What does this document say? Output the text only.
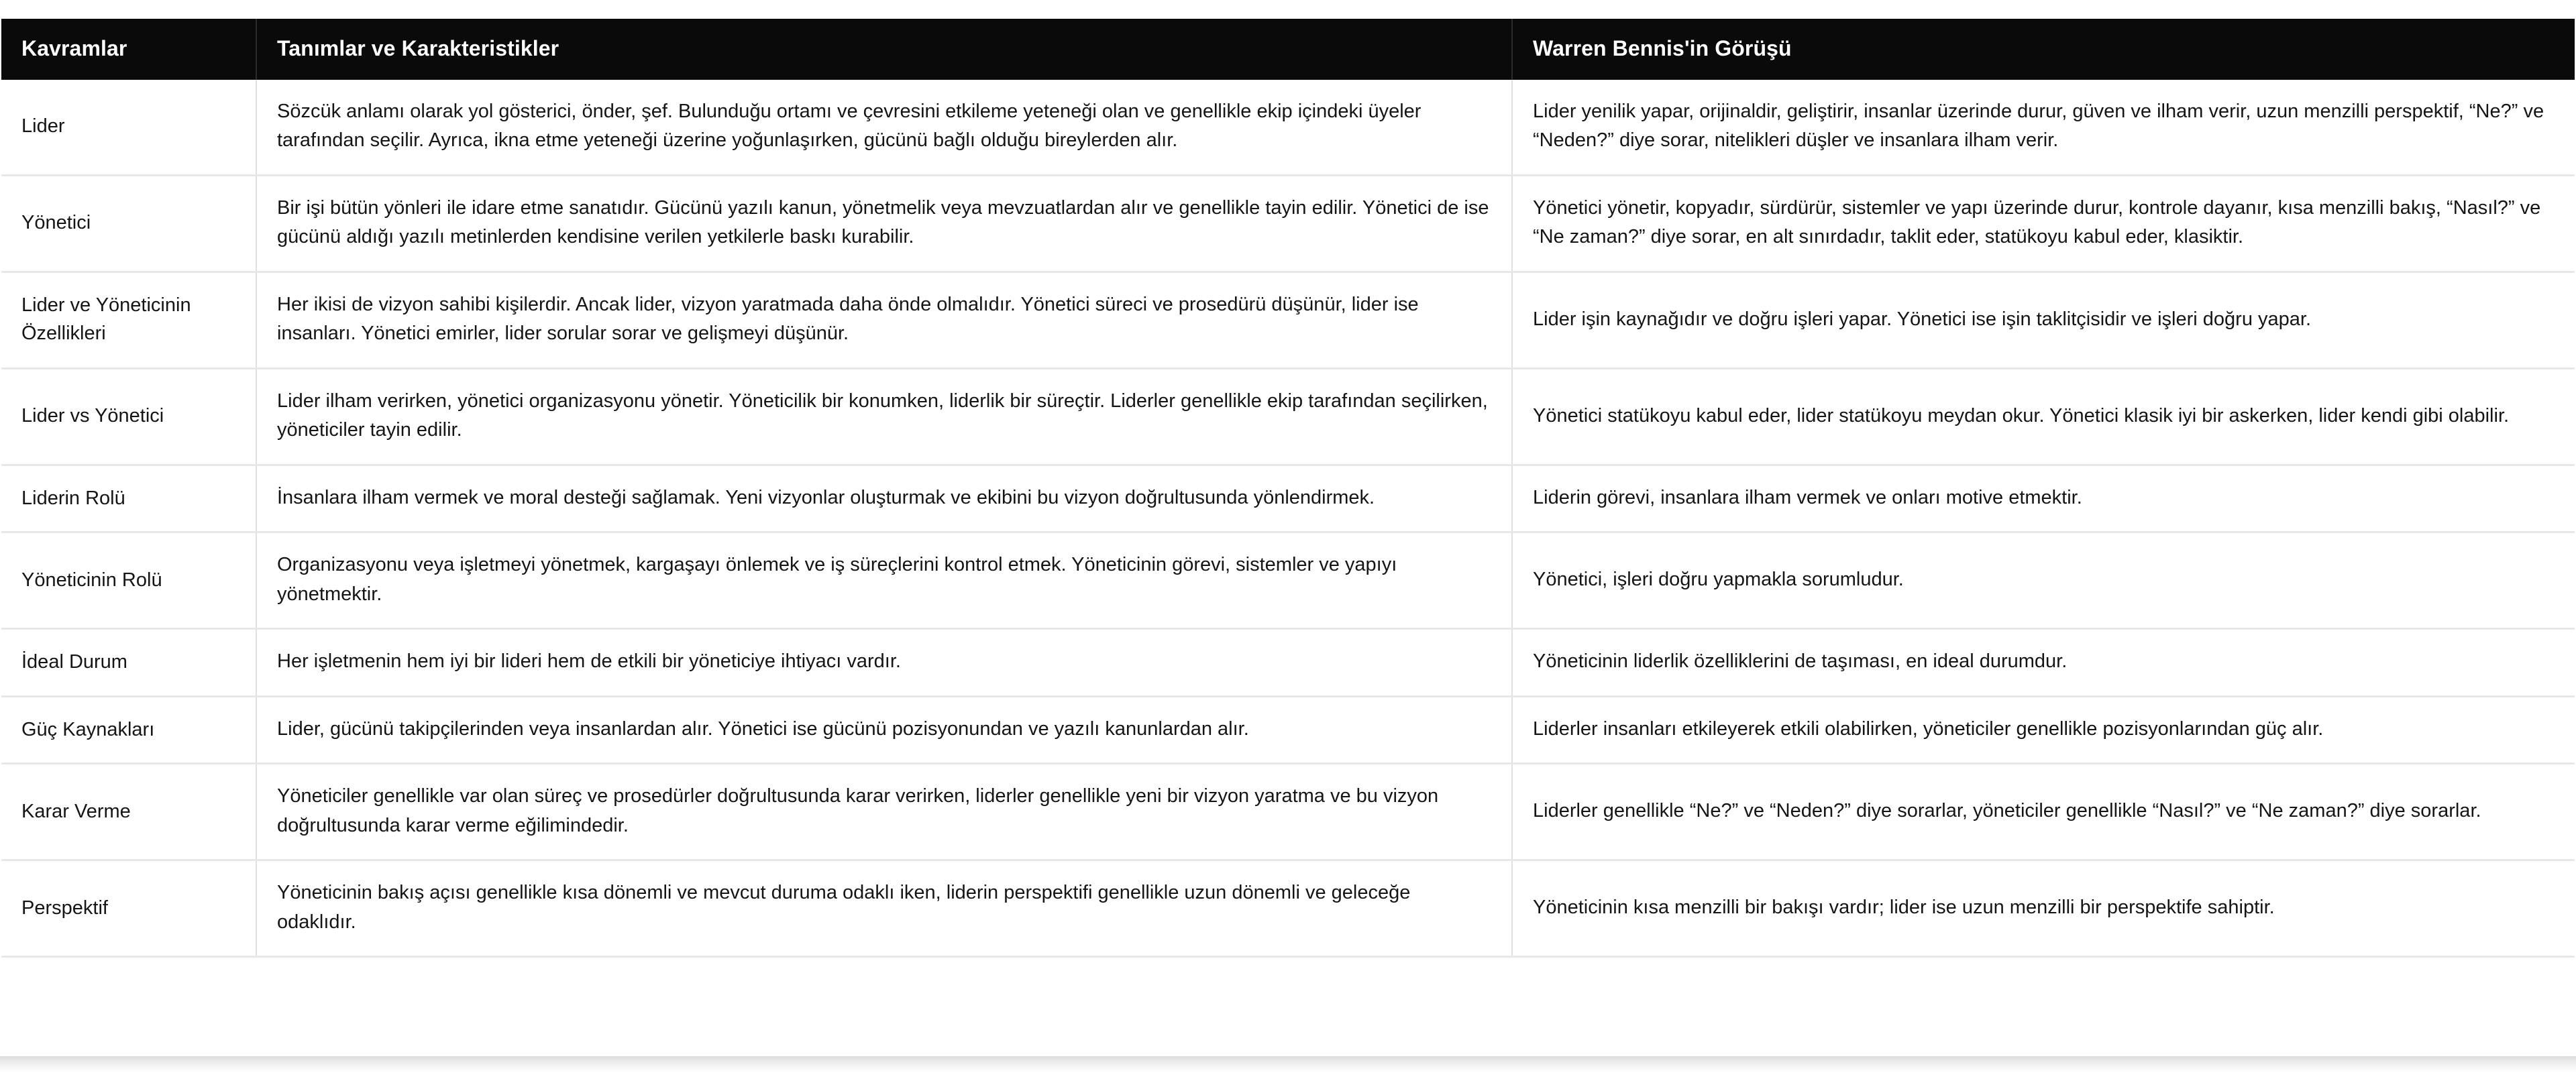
Kavramlar	Tanımlar ve Karakteristikler	Warren Bennis'in Görüşü
Lider	Sözcük anlamı olarak yol gösterici, önder, şef. Bulunduğu ortamı ve çevresini etkileme yeteneği olan ve genellikle ekip içindeki üyeler tarafından seçilir. Ayrıca, ikna etme yeteneği üzerine yoğunlaşırken, gücünü bağlı olduğu bireylerden alır.	Lider yenilik yapar, orijinaldir, geliştirir, insanlar üzerinde durur, güven ve ilham verir, uzun menzilli perspektif, “Ne?” ve “Neden?” diye sorar, nitelikleri düşler ve insanlara ilham verir.
Yönetici	Bir işi bütün yönleri ile idare etme sanatıdır. Gücünü yazılı kanun, yönetmelik veya mevzuatlardan alır ve genellikle tayin edilir. Yönetici de ise gücünü aldığı yazılı metinlerden kendisine verilen yetkilerle baskı kurabilir.	Yönetici yönetir, kopyadır, sürdürür, sistemler ve yapı üzerinde durur, kontrole dayanır, kısa menzilli bakış, “Nasıl?” ve “Ne zaman?” diye sorar, en alt sınırdadır, taklit eder, statükoyu kabul eder, klasiktir.
Lider ve Yöneticinin Özellikleri	Her ikisi de vizyon sahibi kişilerdir. Ancak lider, vizyon yaratmada daha önde olmalıdır. Yönetici süreci ve prosedürü düşünür, lider ise insanları. Yönetici emirler, lider sorular sorar ve gelişmeyi düşünür.	Lider işin kaynağıdır ve doğru işleri yapar. Yönetici ise işin taklitçisidir ve işleri doğru yapar.
Lider vs Yönetici	Lider ilham verirken, yönetici organizasyonu yönetir. Yöneticilik bir konumken, liderlik bir süreçtir. Liderler genellikle ekip tarafından seçilirken, yöneticiler tayin edilir.	Yönetici statükoyu kabul eder, lider statükoyu meydan okur. Yönetici klasik iyi bir askerken, lider kendi gibi olabilir.
Liderin Rolü	İnsanlara ilham vermek ve moral desteği sağlamak. Yeni vizyonlar oluşturmak ve ekibini bu vizyon doğrultusunda yönlendirmek.	Liderin görevi, insanlara ilham vermek ve onları motive etmektir.
Yöneticinin Rolü	Organizasyonu veya işletmeyi yönetmek, kargaşayı önlemek ve iş süreçlerini kontrol etmek. Yöneticinin görevi, sistemler ve yapıyı yönetmektir.	Yönetici, işleri doğru yapmakla sorumludur.
İdeal Durum	Her işletmenin hem iyi bir lideri hem de etkili bir yöneticiye ihtiyacı vardır.	Yöneticinin liderlik özelliklerini de taşıması, en ideal durumdur.
Güç Kaynakları	Lider, gücünü takipçilerinden veya insanlardan alır. Yönetici ise gücünü pozisyonundan ve yazılı kanunlardan alır.	Liderler insanları etkileyerek etkili olabilirken, yöneticiler genellikle pozisyonlarından güç alır.
Karar Verme	Yöneticiler genellikle var olan süreç ve prosedürler doğrultusunda karar verirken, liderler genellikle yeni bir vizyon yaratma ve bu vizyon doğrultusunda karar verme eğilimindedir.	Liderler genellikle “Ne?” ve “Neden?” diye sorarlar, yöneticiler genellikle “Nasıl?” ve “Ne zaman?” diye sorarlar.
Perspektif	Yöneticinin bakış açısı genellikle kısa dönemli ve mevcut duruma odaklı iken, liderin perspektifi genellikle uzun dönemli ve geleceğe odaklıdır.	Yöneticinin kısa menzilli bir bakışı vardır; lider ise uzun menzilli bir perspektife sahiptir.
